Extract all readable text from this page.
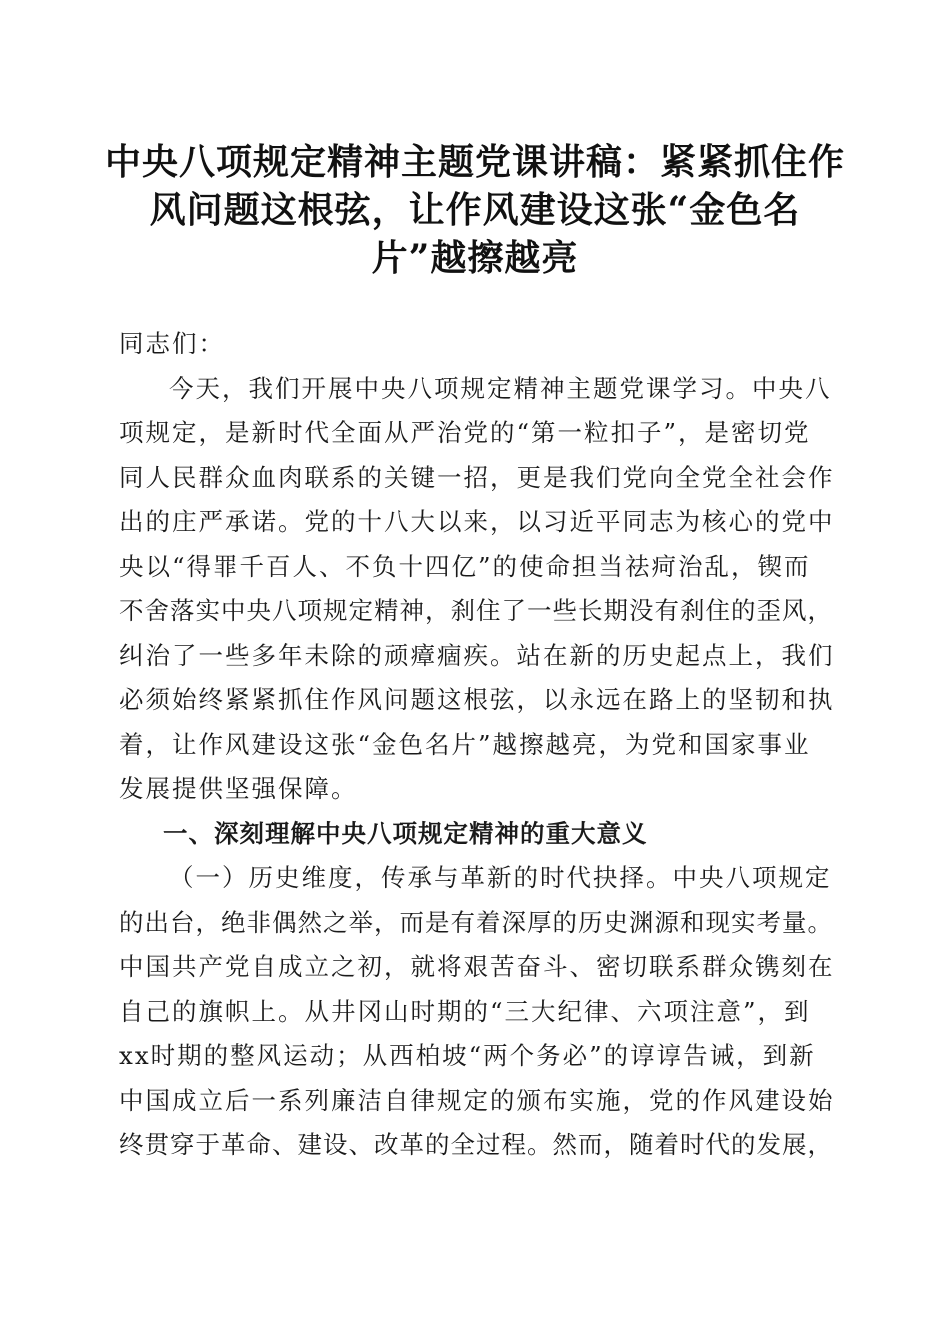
中央八项规定精神主题党课讲稿：紧紧抓住作
风问题这根弦，让作风建设这张“金色名
片”越擦越亮

同志们：

今天，我们开展中央八项规定精神主题党课学习。中央八
项规定，是新时代全面从严治党的“第一粒扣子”，是密切党
同人民群众血肉联系的关键一招，更是我们党向全党全社会作
出的庄严承诺。党的十八大以来，以习近平同志为核心的党中
央以“得罪千百人、不负十四亿”的使命担当祛疴治乱，锲而
不舍落实中央八项规定精神，刹住了一些长期没有刹住的歪风，
纠治了一些多年未除的顽瘴痼疾。站在新的历史起点上，我们
必须始终紧紧抓住作风问题这根弦，以永远在路上的坚韧和执
着，让作风建设这张“金色名片”越擦越亮，为党和国家事业
发展提供坚强保障。

一、深刻理解中央八项规定精神的重大意义

（一）历史维度，传承与革新的时代抉择。中央八项规定
的出台，绝非偶然之举，而是有着深厚的历史渊源和现实考量。
中国共产党自成立之初，就将艰苦奋斗、密切联系群众镌刻在
自己的旗帜上。从井冈山时期的“三大纪律、六项注意”，到
xx时期的整风运动；从西柏坡“两个务必”的谆谆告诫，到新
中国成立后一系列廉洁自律规定的颁布实施，党的作风建设始
终贯穿于革命、建设、改革的全过程。然而，随着时代的发展，
